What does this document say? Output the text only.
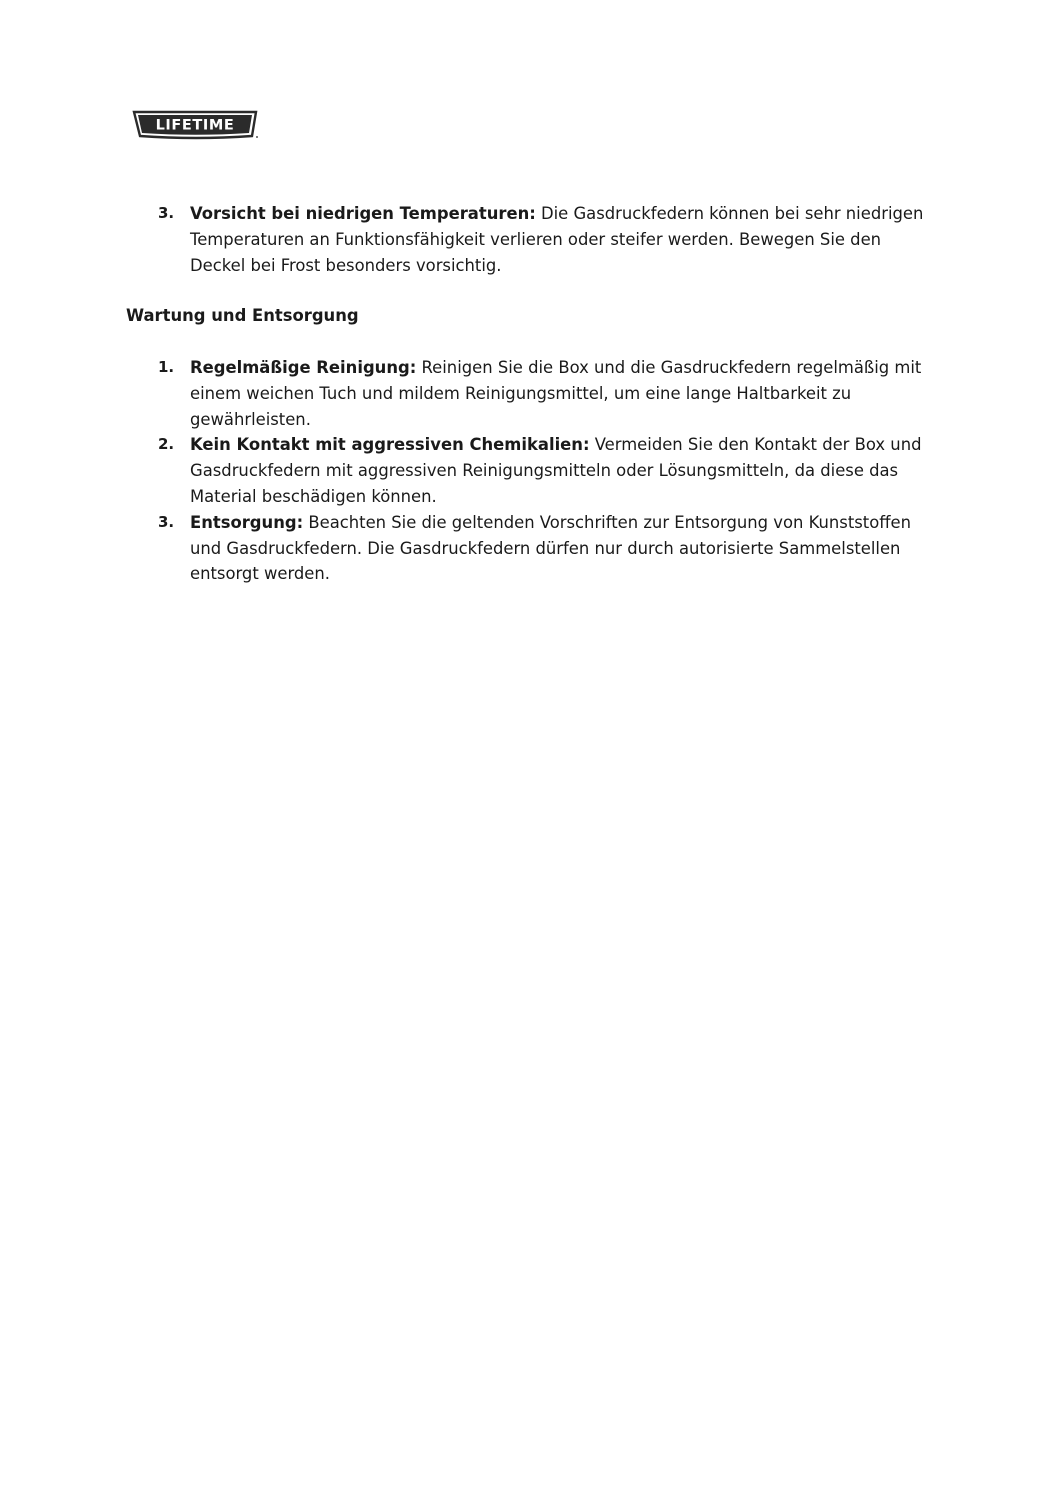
LIFETIME
3. Vorsicht bei niedrigen Temperaturen: Die Gasdruckfedern können bei sehr niedrigen Temperaturen an Funktionsfähigkeit verlieren oder steifer werden. Bewegen Sie den Deckel bei Frost besonders vorsichtig.

Wartung und Entsorgung

1. Regelmäßige Reinigung: Reinigen Sie die Box und die Gasdruckfedern regelmäßig mit einem weichen Tuch und mildem Reinigungsmittel, um eine lange Haltbarkeit zu gewährleisten.
2. Kein Kontakt mit aggressiven Chemikalien: Vermeiden Sie den Kontakt der Box und Gasdruckfedern mit aggressiven Reinigungsmitteln oder Lösungsmitteln, da diese das Material beschädigen können.
3. Entsorgung: Beachten Sie die geltenden Vorschriften zur Entsorgung von Kunststoffen und Gasdruckfedern. Die Gasdruckfedern dürfen nur durch autorisierte Sammelstellen entsorgt werden.
